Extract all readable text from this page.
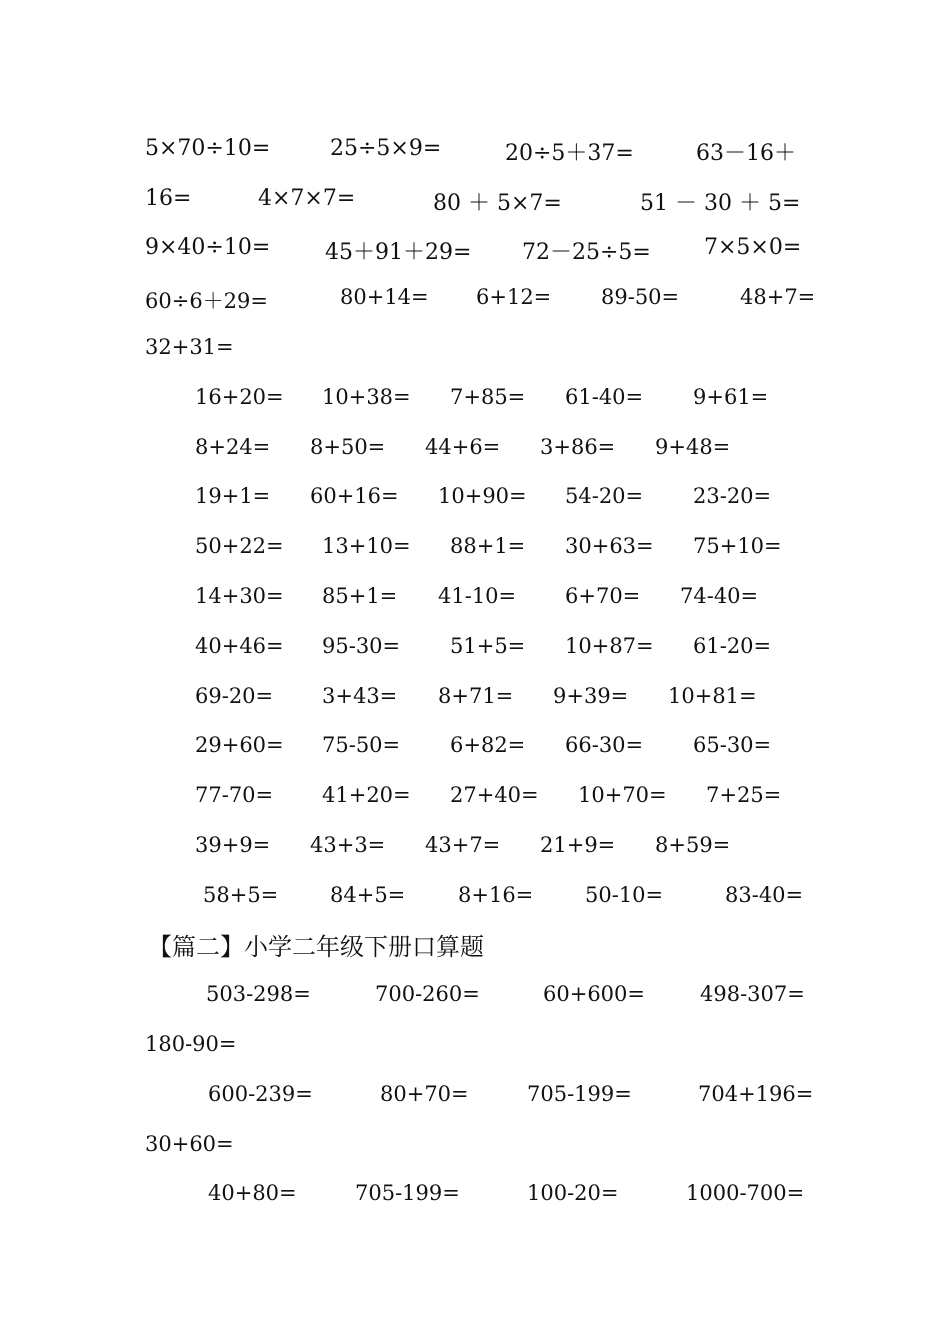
5×70÷10=	25÷5×9=	20÷5＋37=	63－16＋
16=	4×7×7=	80 ＋ 5×7=	51 － 30 ＋ 5=
9×40÷10= 45＋91＋29= 72－25÷5= 7×5×0=
60÷6＋29=	80+14= 6+12= 89-50=	48+7=
32+31=
16+20= 10+38= 7+85= 61-40= 9+61=
8+24= 8+50= 44+6= 3+86= 9+48=
19+1= 60+16= 10+90= 54-20= 23-20=
50+22= 13+10= 88+1= 30+63= 75+10=
14+30= 85+1= 41-10= 6+70= 74-40=
40+46= 95-30= 51+5= 10+87= 61-20=
69-20= 3+43= 8+71= 9+39= 10+81=
29+60= 75-50= 6+82= 66-30= 65-30=
77-70= 41+20= 27+40= 10+70= 7+25=
39+9= 43+3= 43+7= 21+9= 8+59=
58+5= 84+5=	8+16= 50-10=	83-40=
【篇二】小学二年级下册口算题
503-298=	700-260=	60+600=	498-307=
180-90=
600-239=	80+70=	705-199=	704+196=
30+60=
40+80=	705-199=	100-20=	1000-700=
